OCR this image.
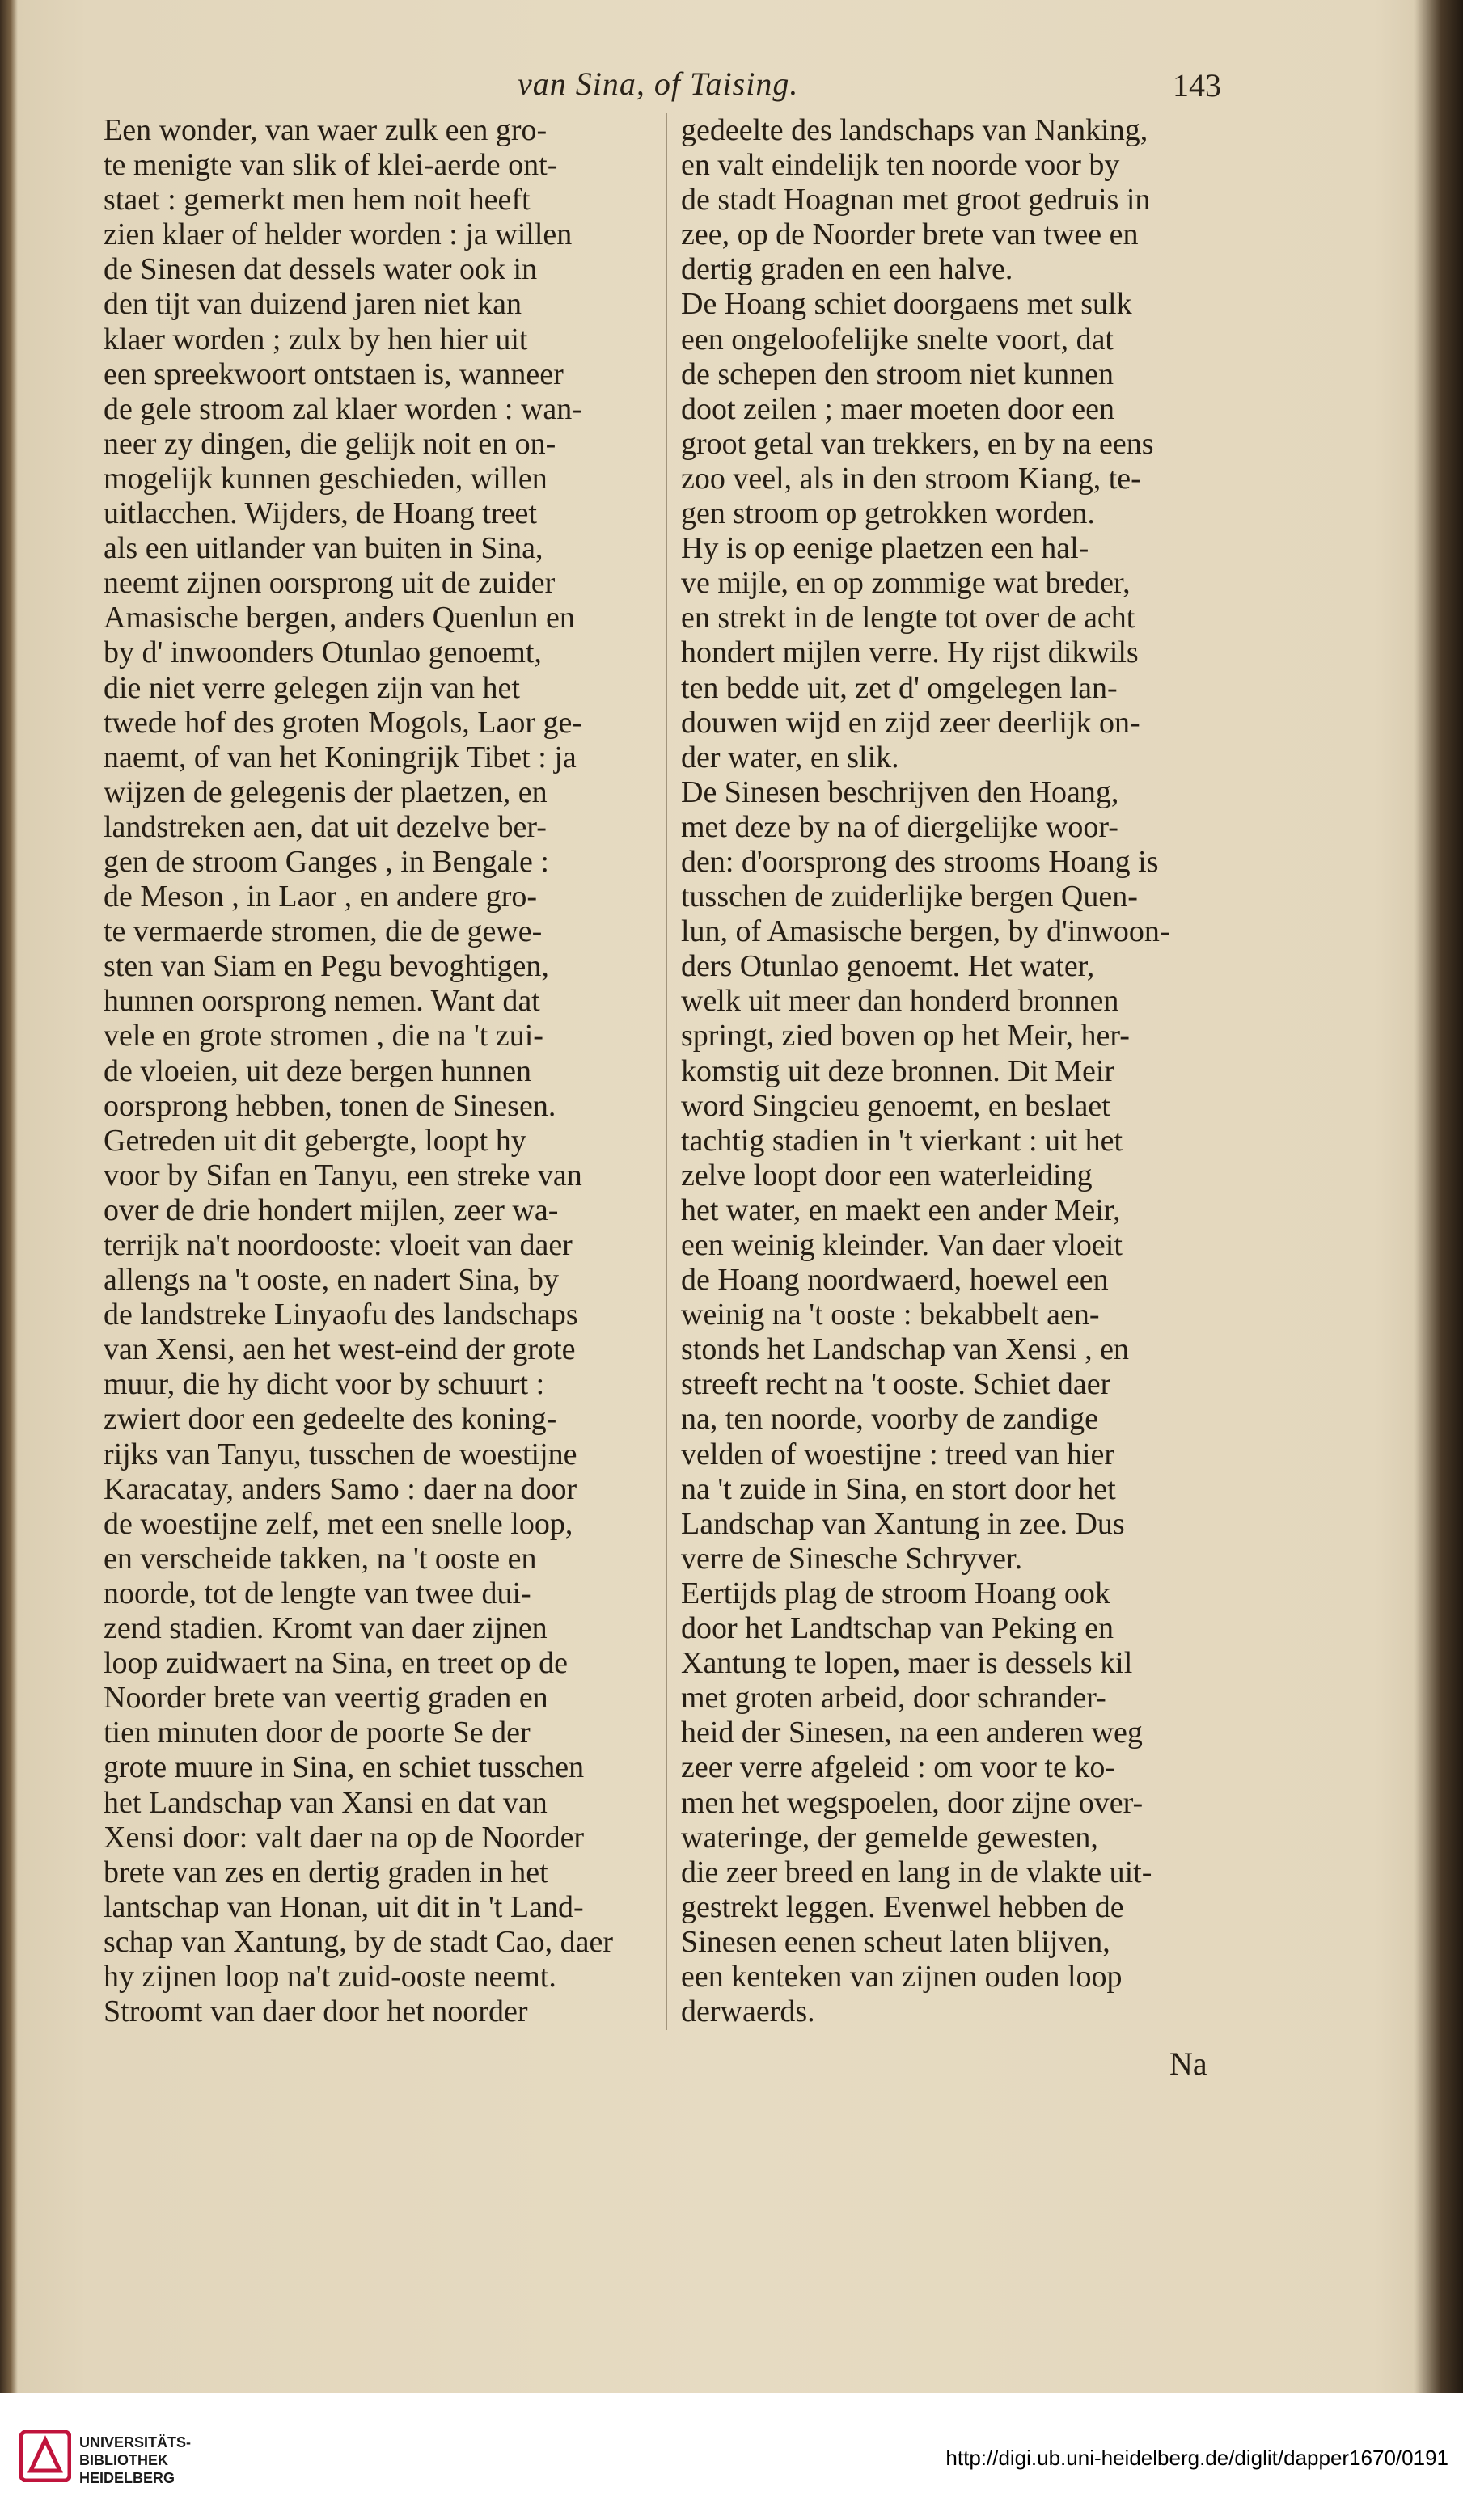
van Sina, of Taising.	143
Een wonder, van waer zulk een gro-
te menigte van slik of klei-aerde ont-
staet : gemerkt men hem noit heeft
zien klaer of helder worden : ja willen
de Sinesen dat dessels water ook in
den tijt van duizend jaren niet kan
klaer worden ; zulx by hen hier uit
een spreekwoort ontstaen is, wanneer
de gele stroom zal klaer worden : wan-
neer zy dingen, die gelijk noit en on-
mogelijk kunnen geschieden, willen
uitlacchen. Wijders, de Hoang treet
als een uitlander van buiten in Sina,
neemt zijnen oorsprong uit de zuider
Amasische bergen, anders Quenlun en
by d' inwoonders Otunlao genoemt,
die niet verre gelegen zijn van het
twede hof des groten Mogols, Laor ge-
naemt, of van het Koningrijk Tibet : ja
wijzen de gelegenis der plaetzen, en
landstreken aen, dat uit dezelve ber-
gen de stroom Ganges , in Bengale :
de Meson , in Laor , en andere gro-
te vermaerde stromen, die de gewe-
sten van Siam en Pegu bevoghtigen,
hunnen oorsprong nemen. Want dat
vele en grote stromen , die na 't zui-
de vloeien, uit deze bergen hunnen
oorsprong hebben, tonen de Sinesen.
Getreden uit dit gebergte, loopt hy
voor by Sifan en Tanyu, een streke van
over de drie hondert mijlen, zeer wa-
terrijk na't noordooste: vloeit van daer
allengs na 't ooste, en nadert Sina, by
de landstreke Linyaofu des landschaps
van Xensi, aen het west-eind der grote
muur, die hy dicht voor by schuurt :
zwiert door een gedeelte des koning-
rijks van Tanyu, tusschen de woestijne
Karacatay, anders Samo : daer na door
de woestijne zelf, met een snelle loop,
en verscheide takken, na 't ooste en
noorde, tot de lengte van twee dui-
zend stadien. Kromt van daer zijnen
loop zuidwaert na Sina, en treet op de
Noorder brete van veertig graden en
tien minuten door de poorte Se der
grote muure in Sina, en schiet tusschen
het Landschap van Xansi en dat van
Xensi door: valt daer na op de Noorder
brete van zes en dertig graden in het
lantschap van Honan, uit dit in 't Land-
schap van Xantung, by de stadt Cao, daer
hy zijnen loop na't zuid-ooste neemt.
Stroomt van daer door het noorder
gedeelte des landschaps van Nanking,
en valt eindelijk ten noorde voor by
de stadt Hoagnan met groot gedruis in
zee, op de Noorder brete van twee en
dertig graden en een halve.
De Hoang schiet doorgaens met sulk
een ongeloofelijke snelte voort, dat
de schepen den stroom niet kunnen
doot zeilen ; maer moeten door een
groot getal van trekkers, en by na eens
zoo veel, als in den stroom Kiang, te-
gen stroom op getrokken worden.
Hy is op eenige plaetzen een hal-
ve mijle, en op zommige wat breder,
en strekt in de lengte tot over de acht
hondert mijlen verre. Hy rijst dikwils
ten bedde uit, zet d' omgelegen lan-
douwen wijd en zijd zeer deerlijk on-
der water, en slik.
De Sinesen beschrijven den Hoang,
met deze by na of diergelijke woor-
den: d'oorsprong des strooms Hoang is
tusschen de zuiderlijke bergen Quen-
lun, of Amasische bergen, by d'inwoon-
ders Otunlao genoemt. Het water,
welk uit meer dan honderd bronnen
springt, zied boven op het Meir, her-
komstig uit deze bronnen. Dit Meir
word Singcieu genoemt, en beslaet
tachtig stadien in 't vierkant : uit het
zelve loopt door een waterleiding
het water, en maekt een ander Meir,
een weinig kleinder. Van daer vloeit
de Hoang noordwaerd, hoewel een
weinig na 't ooste : bekabbelt aen-
stonds het Landschap van Xensi , en
streeft recht na 't ooste. Schiet daer
na, ten noorde, voorby de zandige
velden of woestijne : treed van hier
na 't zuide in Sina, en stort door het
Landschap van Xantung in zee. Dus
verre de Sinesche Schryver.
Eertijds plag de stroom Hoang ook
door het Landtschap van Peking en
Xantung te lopen, maer is dessels kil
met groten arbeid, door schrander-
heid der Sinesen, na een anderen weg
zeer verre afgeleid : om voor te ko-
men het wegspoelen, door zijne over-
wateringe, der gemelde gewesten,
die zeer breed en lang in de vlakte uit-
gestrekt leggen. Evenwel hebben de
Sinesen eenen scheut laten blijven,
een kenteken van zijnen ouden loop
derwaerds.
Na
UNIVERSITÄTS-
BIBLIOTHEK
HEIDELBERG
http://digi.ub.uni-heidelberg.de/diglit/dapper1670/0191
